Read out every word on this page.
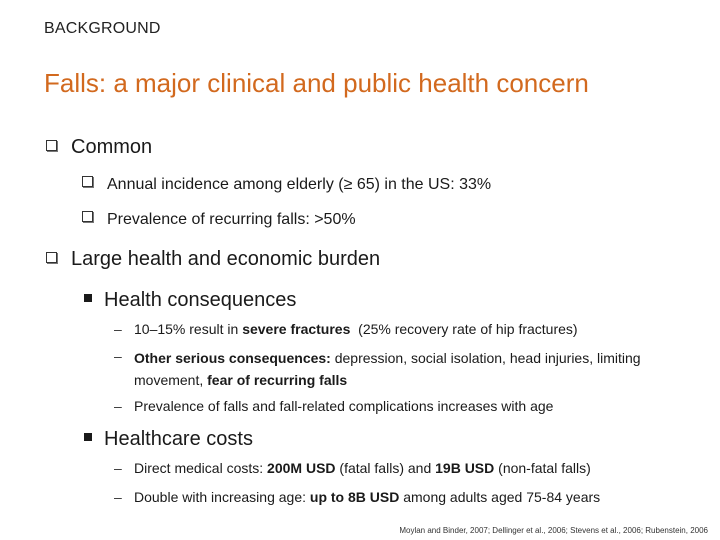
BACKGROUND
Falls: a major clinical and public health concern
Common
Annual incidence among elderly (≥ 65) in the US : 33%
Prevalence of recurring falls : >50%
Large health and economic burden
Health consequences
– 10–15% result in severe fractures  (25% recovery rate of hip fractures)
– Other serious consequences: depression, social isolation, head injuries, limiting movement, fear of recurring falls
– Prevalence of falls and fall-related complications increases with age
Healthcare costs
– Direct medical costs: 200M USD (fatal falls) and 19B USD (non-fatal falls)
– Double with increasing age: up to 8B USD among adults aged 75-84 years
Moylan and Binder, 2007; Dellinger et al., 2006; Stevens et al., 2006; Rubenstein, 2006
